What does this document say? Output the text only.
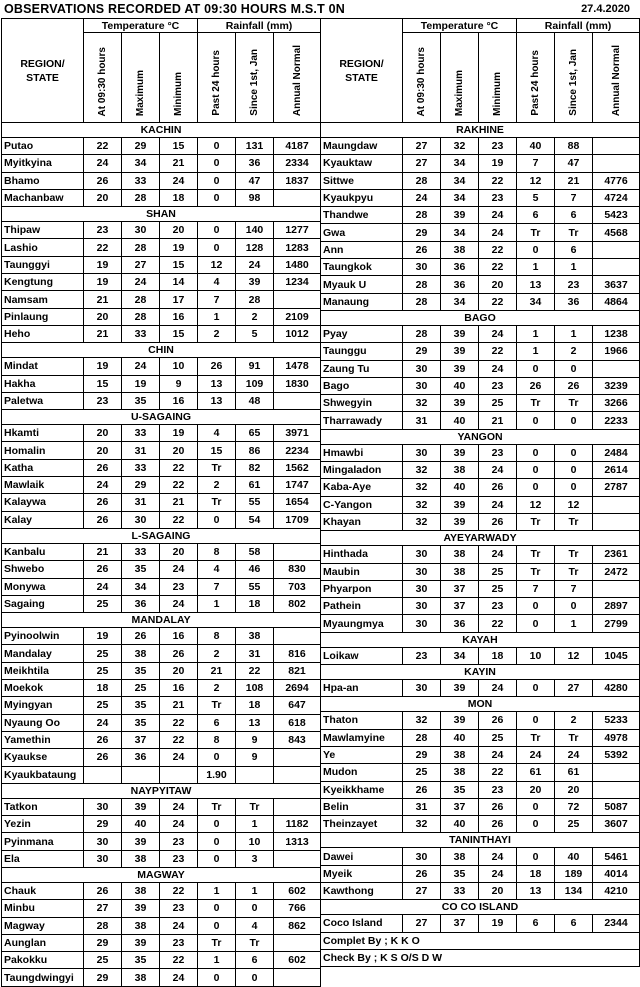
OBSERVATIONS RECORDED AT 09:30 HOURS M.S.T 0N	27.4.2020
REGION/
STATE	Temperature °C			Rainfall (mm)		
	At 09:30 hours	Maximum	Minimum	Past 24 hours	Since 1st, Jan	Annual Normal
KACHIN						
Putao	22	29	15	0	131	4187
Myitkyina	24	34	21	0	36	2334
Bhamo	26	33	24	0	47	1837
Machanbaw	20	28	18	0	98	
SHAN						
Thipaw	23	30	20	0	140	1277
Lashio	22	28	19	0	128	1283
Taunggyi	19	27	15	12	24	1480
Kengtung	19	24	14	4	39	1234
Namsam	21	28	17	7	28	
Pinlaung	20	28	16	1	2	2109
Heho	21	33	15	2	5	1012
CHIN						
Mindat	19	24	10	26	91	1478
Hakha	15	19	9	13	109	1830
Paletwa	23	35	16	13	48	
U-SAGAING						
Hkamti	20	33	19	4	65	3971
Homalin	20	31	20	15	86	2234
Katha	26	33	22	Tr	82	1562
Mawlaik	24	29	22	2	61	1747
Kalaywa	26	31	21	Tr	55	1654
Kalay	26	30	22	0	54	1709
L-SAGAING						
Kanbalu	21	33	20	8	58	
Shwebo	26	35	24	4	46	830
Monywa	24	34	23	7	55	703
Sagaing	25	36	24	1	18	802
MANDALAY						
Pyinoolwin	19	26	16	8	38	
Mandalay	25	38	26	2	31	816
Meikhtila	25	35	20	21	22	821
Moekok	18	25	16	2	108	2694
Myingyan	25	35	21	Tr	18	647
Nyaung Oo	24	35	22	6	13	618
Yamethin	26	37	22	8	9	843
Kyaukse	26	36	24	0	9	
Kyaukbataung				1.90		
NAYPYITAW						
Tatkon	30	39	24	Tr	Tr	
Yezin	29	40	24	0	1	1182
Pyinmana	30	39	23	0	10	1313
Ela	30	38	23	0	3	
MAGWAY						
Chauk	26	38	22	1	1	602
Minbu	27	39	23	0	0	766
Magway	28	38	24	0	4	862
Aunglan	29	39	23	Tr	Tr	
Pakokku	25	35	22	1	6	602
Taungdwingyi	29	38	24	0	0	
REGION/
STATE	Temperature °C			Rainfall (mm)		
	At 09:30 hours	Maximum	Minimum	Past 24 hours	Since 1st, Jan	Annual Normal
RAKHINE						
Maungdaw	27	32	23	40	88	
Kyauktaw	27	34	19	7	47	
Sittwe	28	34	22	12	21	4776
Kyaukpyu	24	34	23	5	7	4724
Thandwe	28	39	24	6	6	5423
Gwa	29	34	24	Tr	Tr	4568
Ann	26	38	22	0	6	
Taungkok	30	36	22	1	1	
Myauk U	28	36	20	13	23	3637
Manaung	28	34	22	34	36	4864
BAGO						
Pyay	28	39	24	1	1	1238
Taunggu	29	39	22	1	2	1966
Zaung Tu	30	39	24	0	0	
Bago	30	40	23	26	26	3239
Shwegyin	32	39	25	Tr	Tr	3266
Tharrawady	31	40	21	0	0	2233
YANGON						
Hmawbi	30	39	23	0	0	2484
Mingaladon	32	38	24	0	0	2614
Kaba-Aye	32	40	26	0	0	2787
C-Yangon	32	39	24	12	12	
Khayan	32	39	26	Tr	Tr	
AYEYARWADY						
Hinthada	30	38	24	Tr	Tr	2361
Maubin	30	38	25	Tr	Tr	2472
Phyarpon	30	37	25	7	7	
Pathein	30	37	23	0	0	2897
Myaungmya	30	36	22	0	1	2799
KAYAH						
Loikaw	23	34	18	10	12	1045
KAYIN						
Hpa-an	30	39	24	0	27	4280
MON						
Thaton	32	39	26	0	2	5233
Mawlamyine	28	40	25	Tr	Tr	4978
Ye	29	38	24	24	24	5392
Mudon	25	38	22	61	61	
Kyeikkhame	26	35	23	20	20	
Belin	31	37	26	0	72	5087
Theinzayet	32	40	26	0	25	3607
TANINTHAYI						
Dawei	30	38	24	0	40	5461
Myeik	26	35	24	18	189	4014
Kawthong	27	33	20	13	134	4210
CO CO ISLAND						
Coco Island	27	37	19	6	6	2344
Complet By ; K K O						
Check By ; K S O/S D W						
